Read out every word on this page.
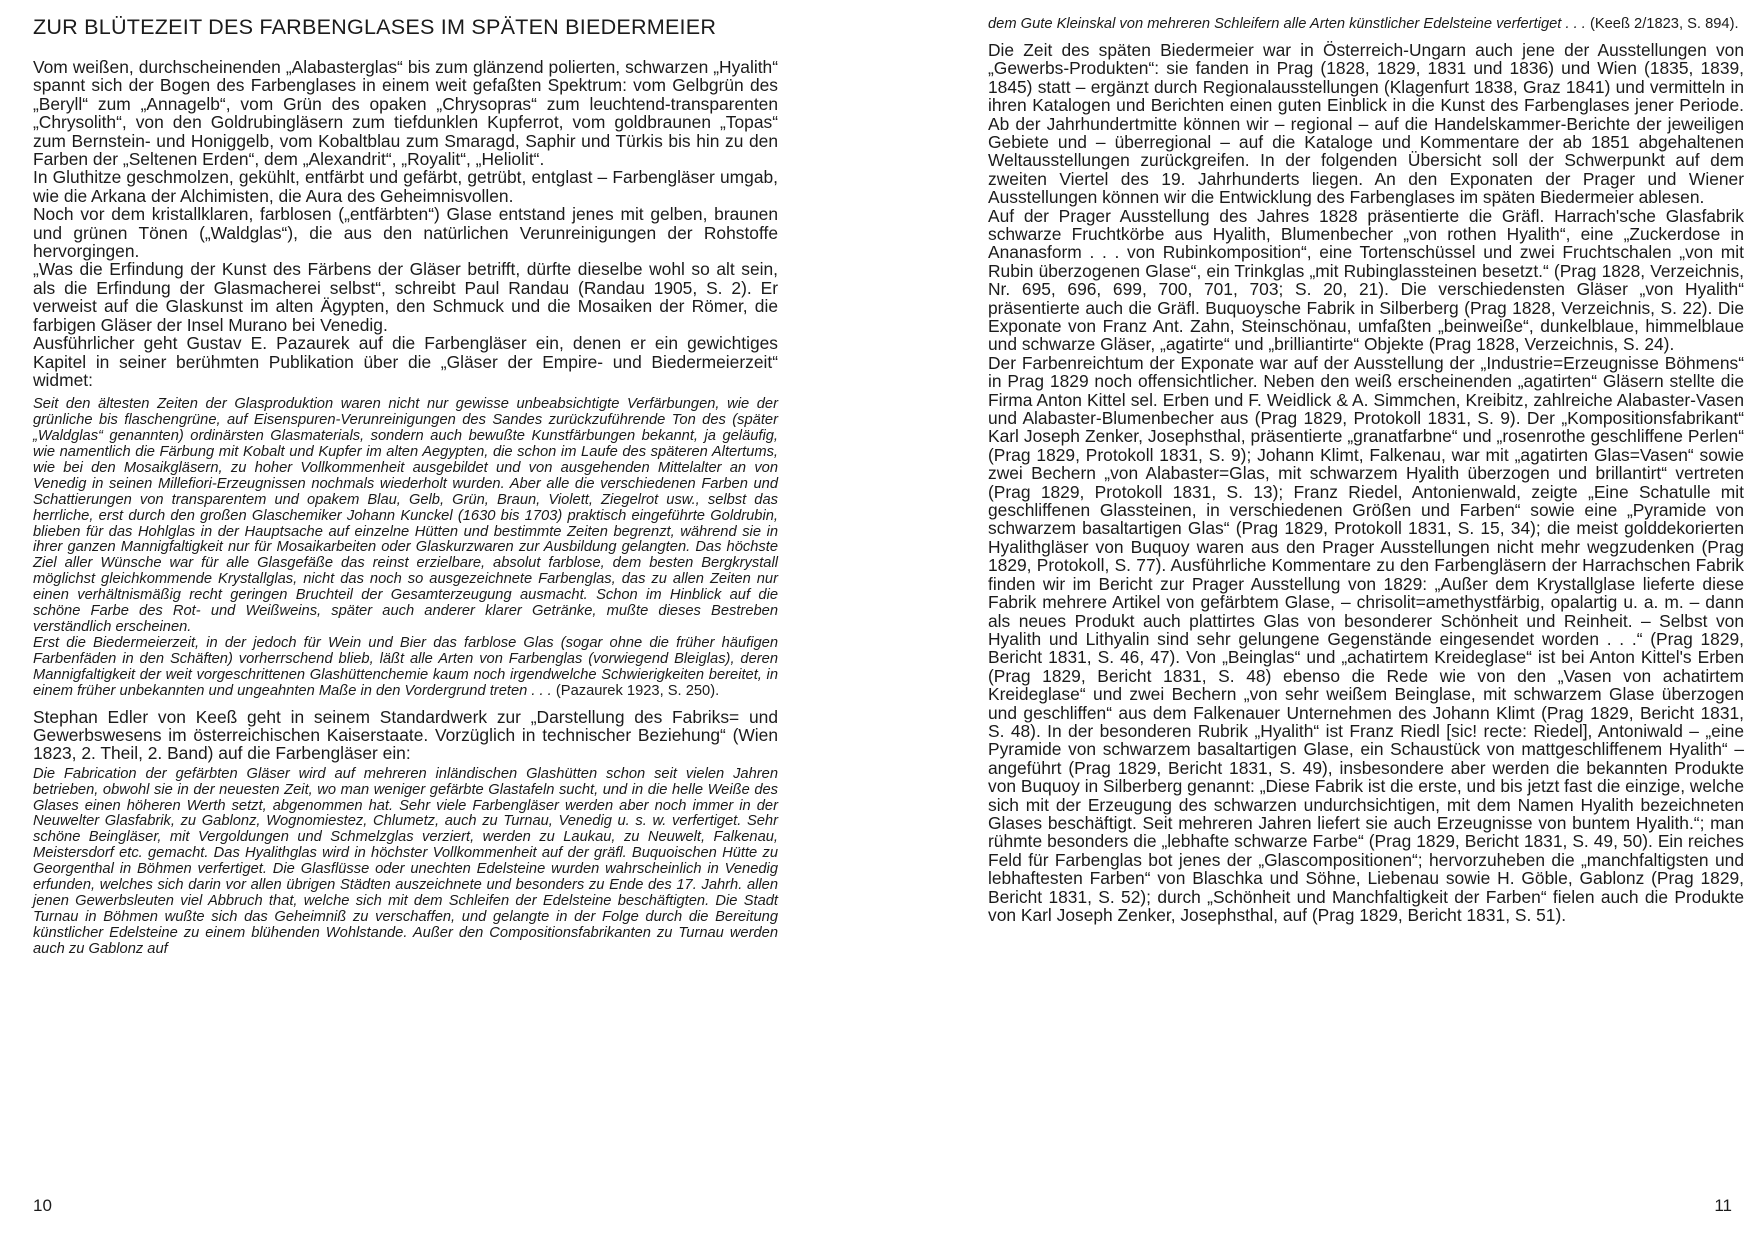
ZUR BLÜTEZEIT DES FARBENGLASES IM SPÄTEN BIEDERMEIER

Vom weißen, durchscheinenden „Alabasterglas“ bis zum glänzend polierten, schwarzen „Hyalith“ spannt sich der Bogen des Farbenglases in einem weit gefaßten Spektrum: vom Gelbgrün des „Beryll“ zum „Annagelb“, vom Grün des opaken „Chrysopras“ zum leuchtend-transparenten „Chrysolith“, von den Goldrubingläsern zum tiefdunklen Kupferrot, vom goldbraunen „Topas“ zum Bernstein- und Honiggelb, vom Kobaltblau zum Smaragd, Saphir und Türkis bis hin zu den Farben der „Seltenen Erden“, dem „Alexandrit“, „Royalit“, „Heliolit“.

In Gluthitze geschmolzen, gekühlt, entfärbt und gefärbt, getrübt, entglast – Farbengläser umgab, wie die Arkana der Alchimisten, die Aura des Geheimnisvollen.

Noch vor dem kristallklaren, farblosen („entfärbten“) Glase entstand jenes mit gelben, braunen und grünen Tönen („Waldglas“), die aus den natürlichen Verunreinigungen der Rohstoffe hervorgingen.

„Was die Erfindung der Kunst des Färbens der Gläser betrifft, dürfte dieselbe wohl so alt sein, als die Erfindung der Glasmacherei selbst“, schreibt Paul Randau (Randau 1905, S. 2). Er verweist auf die Glaskunst im alten Ägypten, den Schmuck und die Mosaiken der Römer, die farbigen Gläser der Insel Murano bei Venedig.

Ausführlicher geht Gustav E. Pazaurek auf die Farbengläser ein, denen er ein gewichtiges Kapitel in seiner berühmten Publikation über die „Gläser der Empire- und Biedermeierzeit“ widmet:

Seit den ältesten Zeiten der Glasproduktion waren nicht nur gewisse unbeabsichtigte Verfärbungen, wie der grünliche bis flaschengrüne, auf Eisenspuren-Verunreinigungen des Sandes zurückzuführende Ton des (später „Waldglas“ genannten) ordinärsten Glasmaterials, sondern auch bewußte Kunstfärbungen bekannt, ja geläufig, wie namentlich die Färbung mit Kobalt und Kupfer im alten Aegypten, die schon im Laufe des späteren Altertums, wie bei den Mosaikgläsern, zu hoher Vollkommenheit ausgebildet und von ausgehenden Mittelalter an von Venedig in seinen Millefiori-Erzeugnissen nochmals wiederholt wurden. Aber alle die verschiedenen Farben und Schattierungen von transparentem und opakem Blau, Gelb, Grün, Braun, Violett, Ziegelrot usw., selbst das herrliche, erst durch den großen Glaschemiker Johann Kunckel (1630 bis 1703) praktisch eingeführte Goldrubin, blieben für das Hohlglas in der Hauptsache auf einzelne Hütten und bestimmte Zeiten begrenzt, während sie in ihrer ganzen Mannigfaltigkeit nur für Mosaikarbeiten oder Glaskurzwaren zur Ausbildung gelangten. Das höchste Ziel aller Wünsche war für alle Glasgefäße das reinst erzielbare, absolut farblose, dem besten Bergkrystall möglichst gleichkommende Krystallglas, nicht das noch so ausgezeichnete Farbenglas, das zu allen Zeiten nur einen verhältnismäßig recht geringen Bruchteil der Gesamterzeugung ausmacht. Schon im Hinblick auf die schöne Farbe des Rot- und Weißweins, später auch anderer klarer Getränke, mußte dieses Bestreben verständlich erscheinen.

Erst die Biedermeierzeit, in der jedoch für Wein und Bier das farblose Glas (sogar ohne die früher häufigen Farbenfäden in den Schäften) vorherrschend blieb, läßt alle Arten von Farbenglas (vorwiegend Bleiglas), deren Mannigfaltigkeit der weit vorgeschrittenen Glashüttenchemie kaum noch irgendwelche Schwierigkeiten bereitet, in einem früher unbekannten und ungeahnten Maße in den Vordergrund treten . . . (Pazaurek 1923, S. 250).

Stephan Edler von Keeß geht in seinem Standardwerk zur „Darstellung des Fabriks= und Gewerbswesens im österreichischen Kaiserstaate. Vorzüglich in technischer Beziehung“ (Wien 1823, 2. Theil, 2. Band) auf die Farbengläser ein:

Die Fabrication der gefärbten Gläser wird auf mehreren inländischen Glashütten schon seit vielen Jahren betrieben, obwohl sie in der neuesten Zeit, wo man weniger gefärbte Glastafeln sucht, und in die helle Weiße des Glases einen höheren Werth setzt, abgenommen hat. Sehr viele Farbengläser werden aber noch immer in der Neuwelter Glasfabrik, zu Gablonz, Wognomiestez, Chlumetz, auch zu Turnau, Venedig u. s. w. verfertiget. Sehr schöne Beingläser, mit Vergoldungen und Schmelzglas verziert, werden zu Laukau, zu Neuwelt, Falkenau, Meistersdorf etc. gemacht. Das Hyalithglas wird in höchster Vollkommenheit auf der gräfl. Buquoischen Hütte zu Georgenthal in Böhmen verfertiget. Die Glasflüsse oder unechten Edelsteine wurden wahrscheinlich in Venedig erfunden, welches sich darin vor allen übrigen Städten auszeichnete und besonders zu Ende des 17. Jahrh. allen jenen Gewerbsleuten viel Abbruch that, welche sich mit dem Schleifen der Edelsteine beschäftigten. Die Stadt Turnau in Böhmen wußte sich das Geheimniß zu verschaffen, und gelangte in der Folge durch die Bereitung künstlicher Edelsteine zu einem blühenden Wohlstande. Außer den Compositionsfabrikanten zu Turnau werden auch zu Gablonz auf

10

dem Gute Kleinskal von mehreren Schleifern alle Arten künstlicher Edelsteine verfertiget . . . (Keeß 2/1823, S. 894).

Die Zeit des späten Biedermeier war in Österreich-Ungarn auch jene der Ausstellungen von „Gewerbs-Produkten“: sie fanden in Prag (1828, 1829, 1831 und 1836) und Wien (1835, 1839, 1845) statt – ergänzt durch Regionalausstellungen (Klagenfurt 1838, Graz 1841) und vermitteln in ihren Katalogen und Berichten einen guten Einblick in die Kunst des Farbenglases jener Periode. Ab der Jahrhundertmitte können wir – regional – auf die Handelskammer-Berichte der jeweiligen Gebiete und – überregional – auf die Kataloge und Kommentare der ab 1851 abgehaltenen Weltausstellungen zurückgreifen. In der folgenden Übersicht soll der Schwerpunkt auf dem zweiten Viertel des 19. Jahrhunderts liegen. An den Exponaten der Prager und Wiener Ausstellungen können wir die Entwicklung des Farbenglases im späten Biedermeier ablesen.

Auf der Prager Ausstellung des Jahres 1828 präsentierte die Gräfl. Harrach'sche Glasfabrik schwarze Fruchtkörbe aus Hyalith, Blumenbecher „von rothen Hyalith“, eine „Zuckerdose in Ananasform . . . von Rubinkomposition“, eine Tortenschüssel und zwei Fruchtschalen „von mit Rubin überzogenen Glase“, ein Trinkglas „mit Rubinglassteinen besetzt.“ (Prag 1828, Verzeichnis, Nr. 695, 696, 699, 700, 701, 703; S. 20, 21). Die verschiedensten Gläser „von Hyalith“ präsentierte auch die Gräfl. Buquoysche Fabrik in Silberberg (Prag 1828, Verzeichnis, S. 22). Die Exponate von Franz Ant. Zahn, Steinschönau, umfaßten „beinweiße“, dunkelblaue, himmelblaue und schwarze Gläser, „agatirte“ und „brilliantirte“ Objekte (Prag 1828, Verzeichnis, S. 24).

Der Farbenreichtum der Exponate war auf der Ausstellung der „Industrie=Erzeugnisse Böhmens“ in Prag 1829 noch offensichtlicher. Neben den weiß erscheinenden „agatirten“ Gläsern stellte die Firma Anton Kittel sel. Erben und F. Weidlick & A. Simmchen, Kreibitz, zahlreiche Alabaster-Vasen und Alabaster-Blumenbecher aus (Prag 1829, Protokoll 1831, S. 9). Der „Kompositionsfabrikant“ Karl Joseph Zenker, Josephsthal, präsentierte „granatfarbne“ und „rosenrothe geschliffene Perlen“ (Prag 1829, Protokoll 1831, S. 9); Johann Klimt, Falkenau, war mit „agatirten Glas=Vasen“ sowie zwei Bechern „von Alabaster=Glas, mit schwarzem Hyalith überzogen und brillantirt“ vertreten (Prag 1829, Protokoll 1831, S. 13); Franz Riedel, Antonienwald, zeigte „Eine Schatulle mit geschliffenen Glassteinen, in verschiedenen Größen und Farben“ sowie eine „Pyramide von schwarzem basaltartigen Glas“ (Prag 1829, Protokoll 1831, S. 15, 34); die meist golddekorierten Hyalithgläser von Buquoy waren aus den Prager Ausstellungen nicht mehr wegzudenken (Prag 1829, Protokoll, S. 77). Ausführliche Kommentare zu den Farbengläsern der Harrachschen Fabrik finden wir im Bericht zur Prager Ausstellung von 1829: „Außer dem Krystallglase lieferte diese Fabrik mehrere Artikel von gefärbtem Glase, – chrisolit=amethystfärbig, opalartig u. a. m. – dann als neues Produkt auch plattirtes Glas von besonderer Schönheit und Reinheit. – Selbst von Hyalith und Lithyalin sind sehr gelungene Gegenstände eingesendet worden . . .“ (Prag 1829, Bericht 1831, S. 46, 47). Von „Beinglas“ und „achatirtem Kreideglase“ ist bei Anton Kittel's Erben (Prag 1829, Bericht 1831, S. 48) ebenso die Rede wie von den „Vasen von achatirtem Kreideglase“ und zwei Bechern „von sehr weißem Beinglase, mit schwarzem Glase überzogen und geschliffen“ aus dem Falkenauer Unternehmen des Johann Klimt (Prag 1829, Bericht 1831, S. 48). In der besonderen Rubrik „Hyalith“ ist Franz Riedl [sic! recte: Riedel], Antoniwald – „eine Pyramide von schwarzem basaltartigen Glase, ein Schaustück von mattgeschliffenem Hyalith“ – angeführt (Prag 1829, Bericht 1831, S. 49), insbesondere aber werden die bekannten Produkte von Buquoy in Silberberg genannt: „Diese Fabrik ist die erste, und bis jetzt fast die einzige, welche sich mit der Erzeugung des schwarzen undurchsichtigen, mit dem Namen Hyalith bezeichneten Glases beschäftigt. Seit mehreren Jahren liefert sie auch Erzeugnisse von buntem Hyalith.“; man rühmte besonders die „lebhafte schwarze Farbe“ (Prag 1829, Bericht 1831, S. 49, 50). Ein reiches Feld für Farbenglas bot jenes der „Glascompositionen“; hervorzuheben die „manchfaltigsten und lebhaftesten Farben“ von Blaschka und Söhne, Liebenau sowie H. Göble, Gablonz (Prag 1829, Bericht 1831, S. 52); durch „Schönheit und Manchfaltigkeit der Farben“ fielen auch die Produkte von Karl Joseph Zenker, Josephsthal, auf (Prag 1829, Bericht 1831, S. 51).

11
